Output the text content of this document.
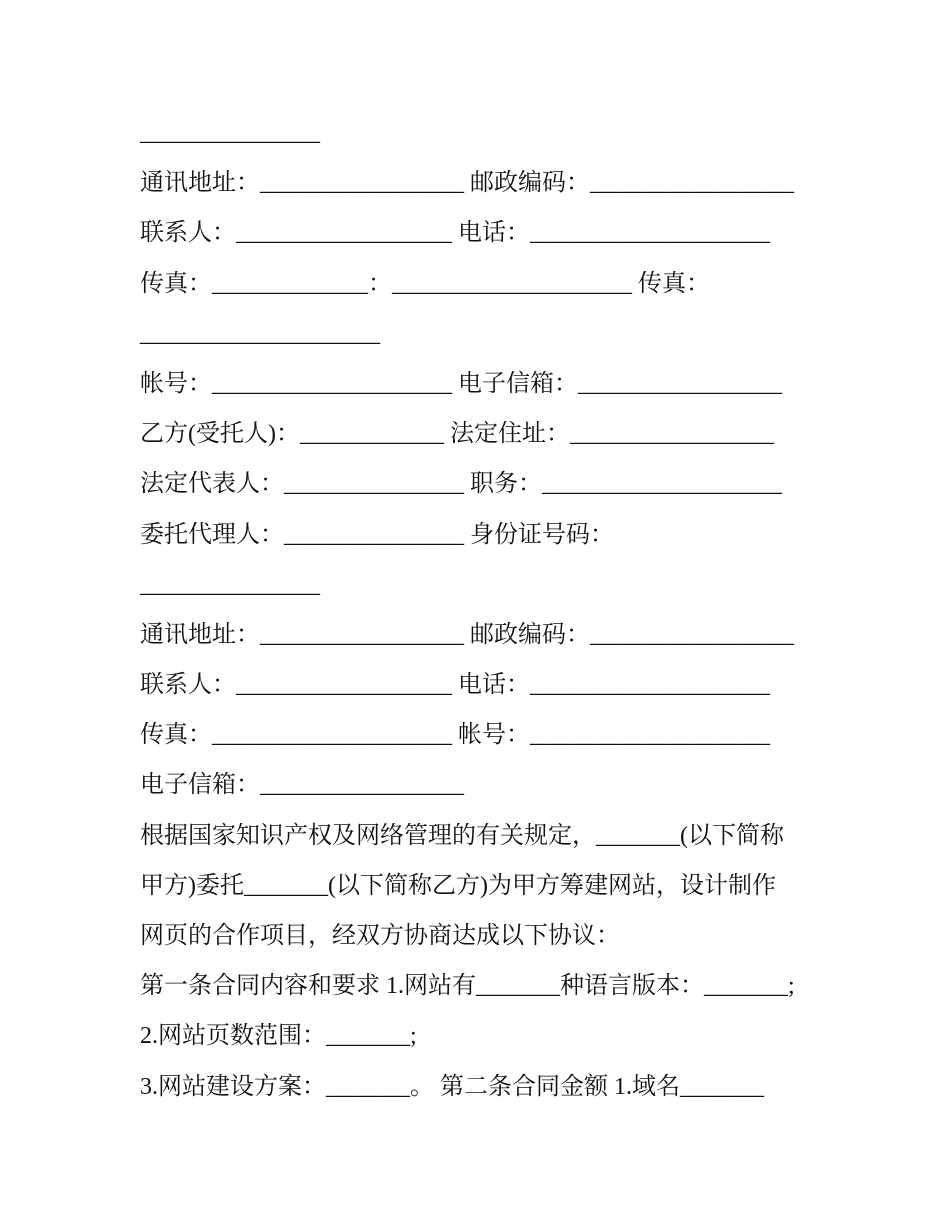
_______________
通讯地址：_________________ 邮政编码：_________________
联系人：__________________ 电话：____________________
传真：_____________：____________________ 传真：
____________________
帐号：____________________ 电子信箱：_________________
乙方(受托人)：____________ 法定住址：_________________
法定代表人：_______________ 职务：____________________
委托代理人：_______________ 身份证号码：
_______________
通讯地址：_________________ 邮政编码：_________________
联系人：__________________ 电话：____________________
传真：____________________ 帐号：____________________
电子信箱：_________________
根据国家知识产权及网络管理的有关规定，_______(以下简称
甲方)委托_______(以下简称乙方)为甲方筹建网站，设计制作
网页的合作项目，经双方协商达成以下协议：
第一条合同内容和要求 1.网站有_______种语言版本：_______;
2.网站页数范围：_______;
3.网站建设方案：_______。 第二条合同金额 1.域名_______
